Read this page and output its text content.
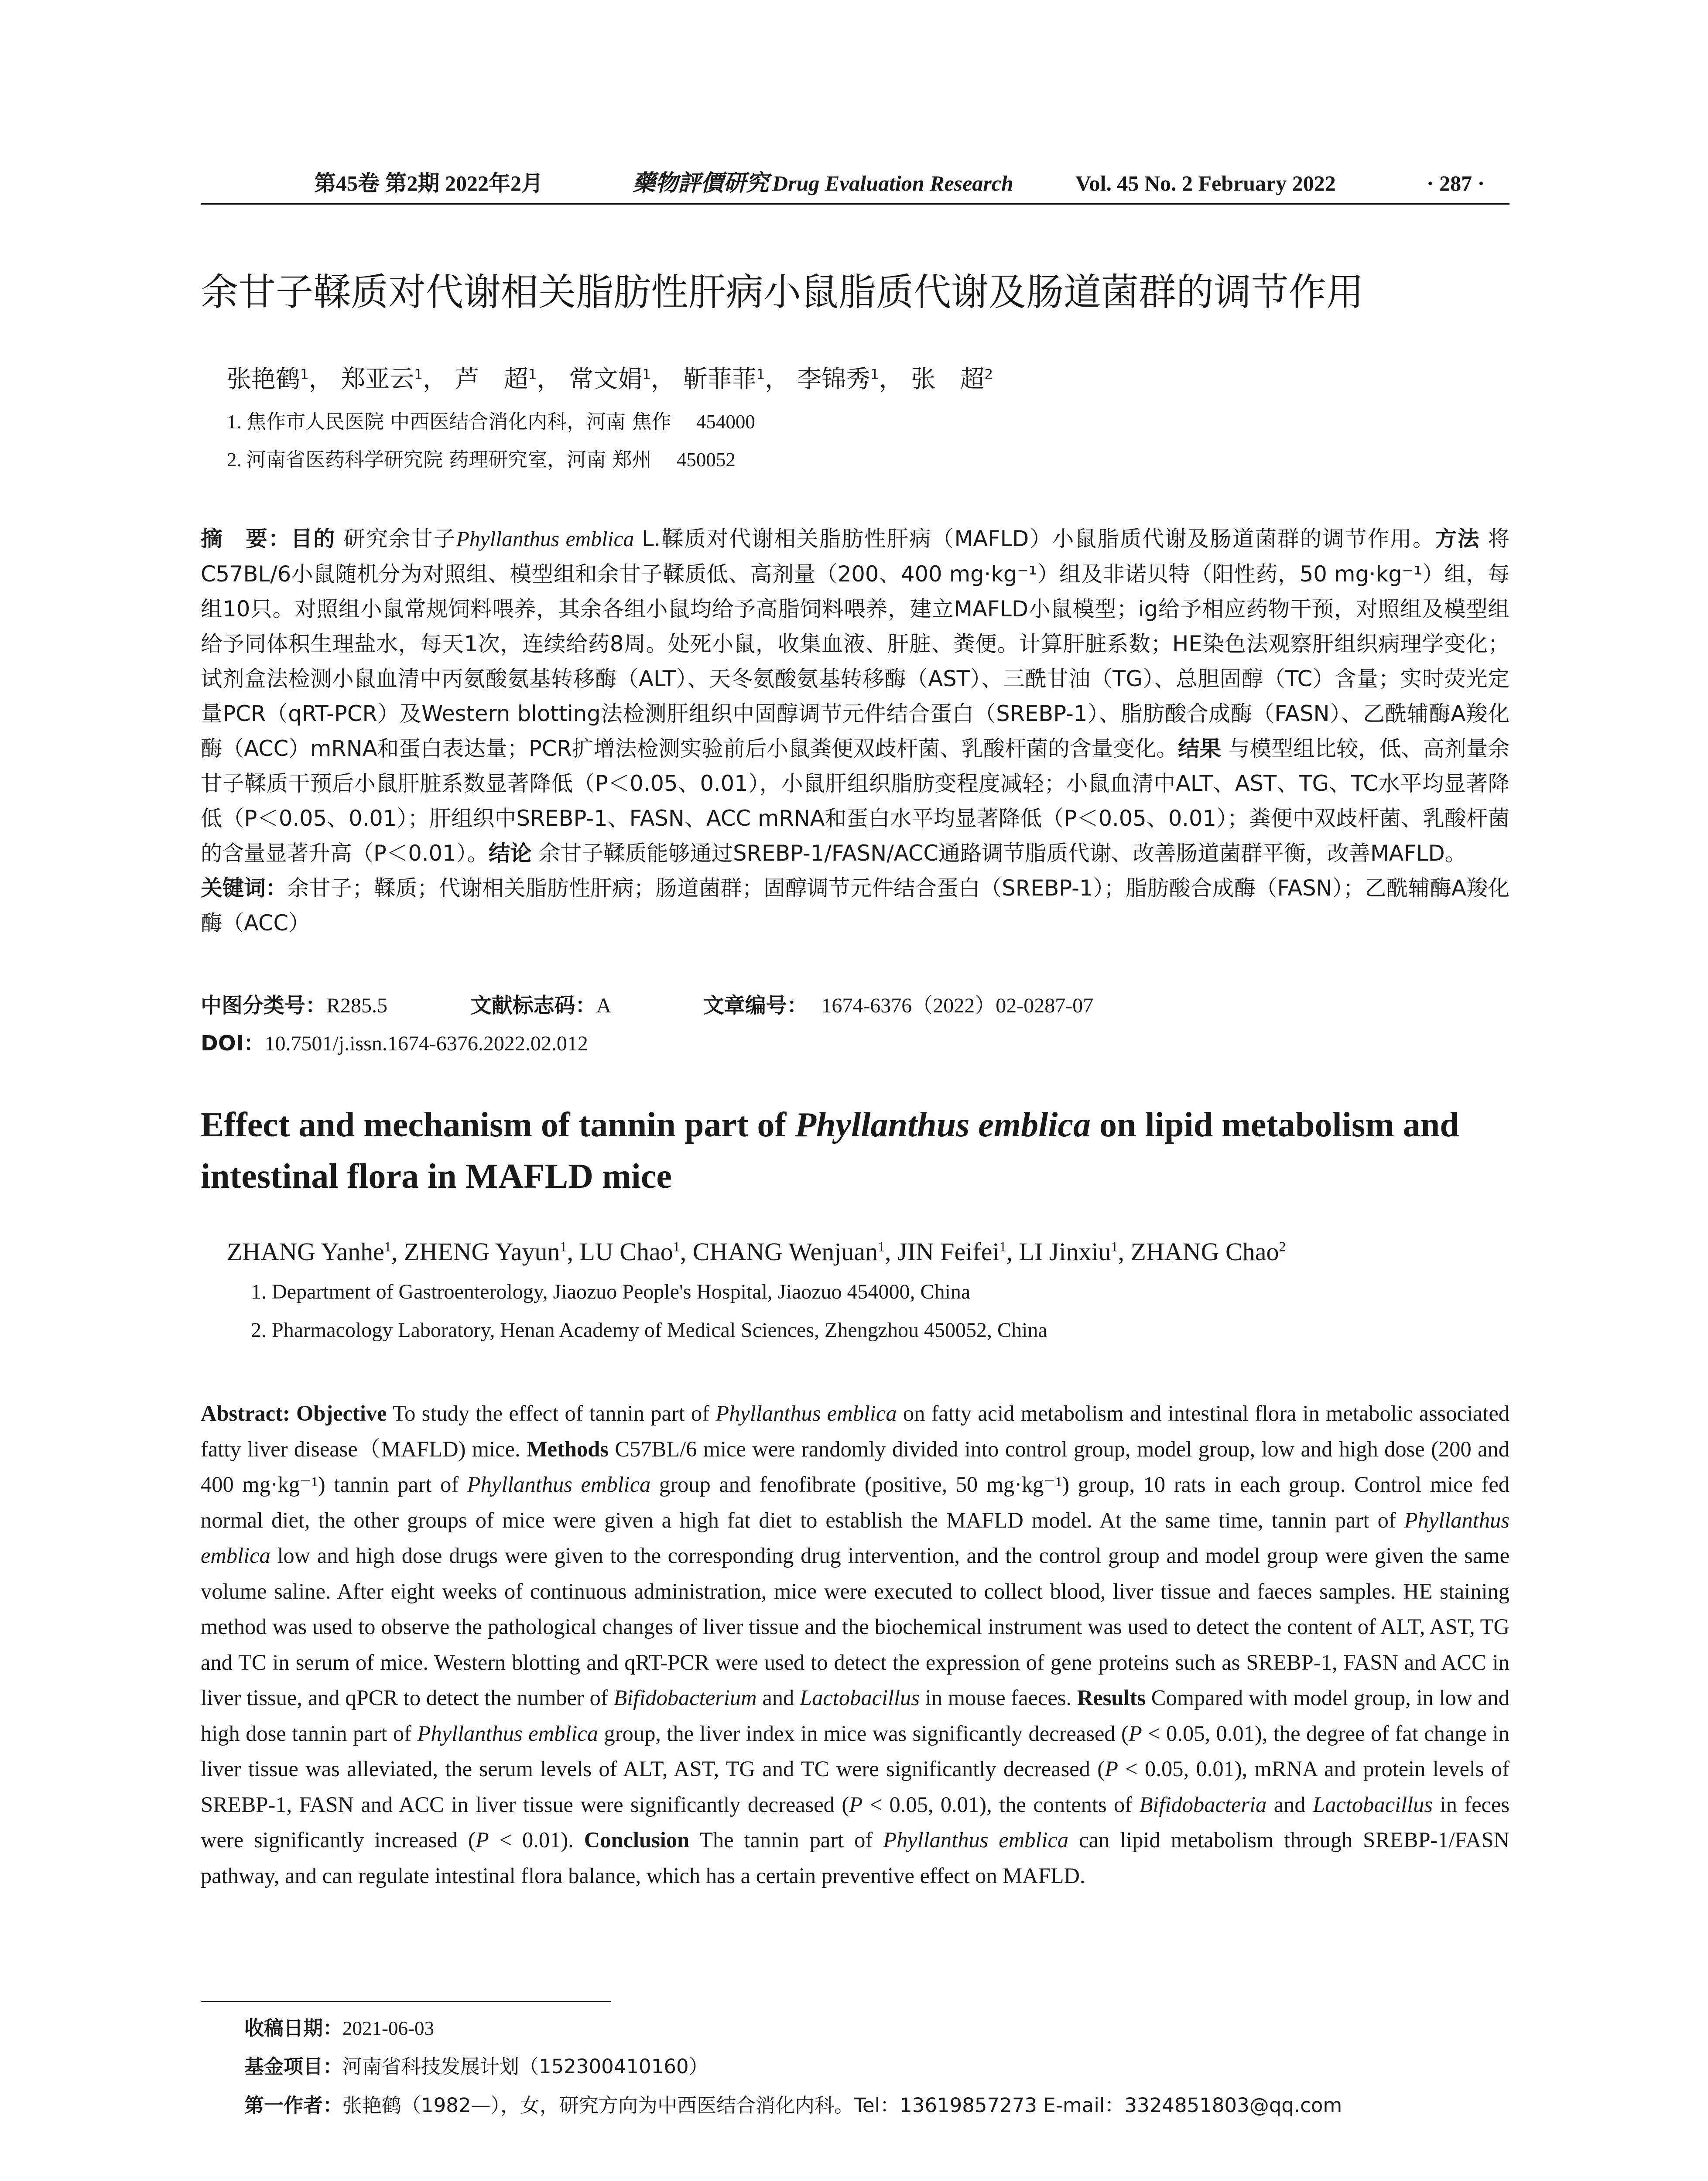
第45卷 第2期 2022年2月	藥物評價研究 Drug Evaluation Research	Vol. 45 No. 2 February 2022	· 287 ·
余甘子鞣质对代谢相关脂肪性肝病小鼠脂质代谢及肠道菌群的调节作用
张艳鹤$^1$， 郑亚云$^1$， 芦　超$^1$， 常文娟$^1$， 靳菲菲$^1$， 李锦秀$^1$， 张　超$^2$
1. 焦作市人民医院 中西医结合消化内科，河南 焦作 454000
2. 河南省医药科学研究院 药理研究室，河南 郑州 450052
摘　要：目的 研究余甘子Phyllanthus emblica L.鞣质对代谢相关脂肪性肝病（MAFLD）小鼠脂质代谢及肠道菌群的调节作用。方法 将C57BL/6小鼠随机分为对照组、模型组和余甘子鞣质低、高剂量（200、400 mg·kg⁻¹）组及非诺贝特（阳性药，50 mg·kg⁻¹）组，每组10只。对照组小鼠常规饲料喂养，其余各组小鼠均给予高脂饲料喂养，建立MAFLD小鼠模型；ig给予相应药物干预，对照组及模型组给予同体积生理盐水，每天1次，连续给药8周。处死小鼠，收集血液、肝脏、粪便。计算肝脏系数；HE染色法观察肝组织病理学变化；试剂盒法检测小鼠血清中丙氨酸氨基转移酶（ALT）、天冬氨酸氨基转移酶（AST）、三酰甘油（TG）、总胆固醇（TC）含量；实时荧光定量PCR（qRT-PCR）及Western blotting法检测肝组织中固醇调节元件结合蛋白（SREBP-1）、脂肪酸合成酶（FASN）、乙酰辅酶A羧化酶（ACC）mRNA和蛋白表达量；PCR扩增法检测实验前后小鼠粪便双歧杆菌、乳酸杆菌的含量变化。结果 与模型组比较，低、高剂量余甘子鞣质干预后小鼠肝脏系数显著降低（P＜0.05、0.01），小鼠肝组织脂肪变程度减轻；小鼠血清中ALT、AST、TG、TC水平均显著降低（P＜0.05、0.01）；肝组织中SREBP-1、FASN、ACC mRNA和蛋白水平均显著降低（P＜0.05、0.01）；粪便中双歧杆菌、乳酸杆菌的含量显著升高（P＜0.01）。结论 余甘子鞣质能够通过SREBP-1/FASN/ACC通路调节脂质代谢、改善肠道菌群平衡，改善MAFLD。
关键词：余甘子；鞣质；代谢相关脂肪性肝病；肠道菌群；固醇调节元件结合蛋白（SREBP-1）；脂肪酸合成酶（FASN）；乙酰辅酶A羧化酶（ACC）
中图分类号：R285.5	文献标志码：A	文章编号： 1674-6376（2022）02-0287-07
DOI：10.7501/j.issn.1674-6376.2022.02.012
Effect and mechanism of tannin part of Phyllanthus emblica on lipid metabolism and intestinal flora in MAFLD mice
ZHANG Yanhe$^1$, ZHENG Yayun$^1$, LU Chao$^1$, CHANG Wenjuan$^1$, JIN Feifei$^1$, LI Jinxiu$^1$, ZHANG Chao$^2$
1. Department of Gastroenterology, Jiaozuo People's Hospital, Jiaozuo 454000, China
2. Pharmacology Laboratory, Henan Academy of Medical Sciences, Zhengzhou 450052, China
Abstract: Objective To study the effect of tannin part of Phyllanthus emblica on fatty acid metabolism and intestinal flora in metabolic associated fatty liver disease（MAFLD) mice. Methods C57BL/6 mice were randomly divided into control group, model group, low and high dose (200 and 400 mg·kg⁻¹) tannin part of Phyllanthus emblica group and fenofibrate (positive, 50 mg·kg⁻¹) group, 10 rats in each group. Control mice fed normal diet, the other groups of mice were given a high fat diet to establish the MAFLD model. At the same time, tannin part of Phyllanthus emblica low and high dose drugs were given to the corresponding drug intervention, and the control group and model group were given the same volume saline. After eight weeks of continuous administration, mice were executed to collect blood, liver tissue and faeces samples. HE staining method was used to observe the pathological changes of liver tissue and the biochemical instrument was used to detect the content of ALT, AST, TG and TC in serum of mice. Western blotting and qRT-PCR were used to detect the expression of gene proteins such as SREBP-1, FASN and ACC in liver tissue, and qPCR to detect the number of Bifidobacterium and Lactobacillus in mouse faeces. Results Compared with model group, in low and high dose tannin part of Phyllanthus emblica group, the liver index in mice was significantly decreased (P < 0.05, 0.01), the degree of fat change in liver tissue was alleviated, the serum levels of ALT, AST, TG and TC were significantly decreased (P < 0.05, 0.01), mRNA and protein levels of SREBP-1, FASN and ACC in liver tissue were significantly decreased (P < 0.05, 0.01), the contents of Bifidobacteria and Lactobacillus in feces were significantly increased (P < 0.01). Conclusion The tannin part of Phyllanthus emblica can lipid metabolism through SREBP-1/FASN pathway, and can regulate intestinal flora balance, which has a certain preventive effect on MAFLD.
收稿日期：2021-06-03
基金项目：河南省科技发展计划（152300410160）
第一作者：张艳鹤（1982—），女，研究方向为中西医结合消化内科。Tel：13619857273 E-mail：3324851803@qq.com
